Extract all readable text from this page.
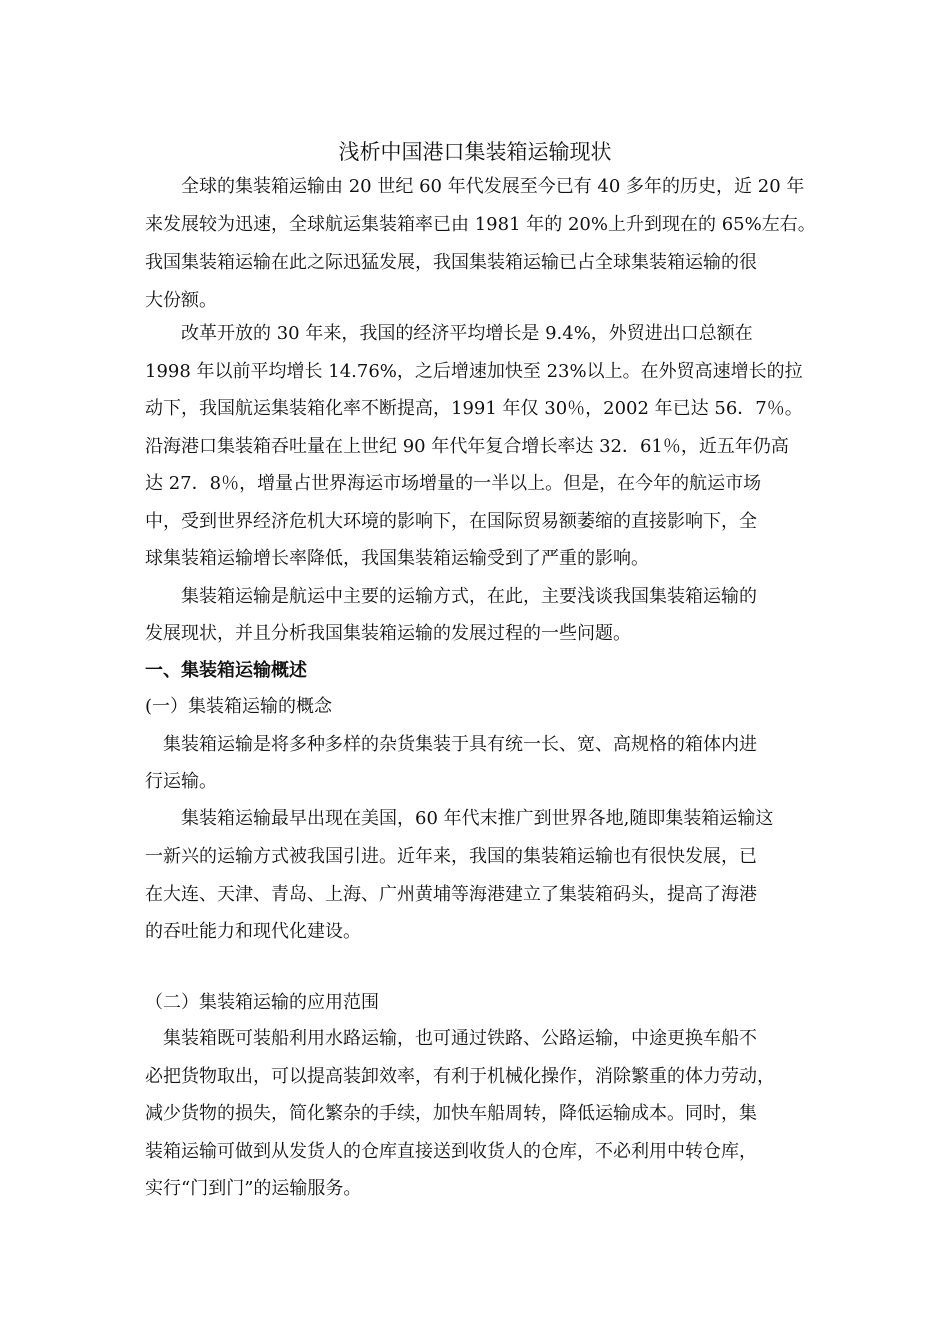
浅析中国港口集装箱运输现状
全球的集装箱运输由 20 世纪 60 年代发展至今已有 40 多年的历史，近 20 年
来发展较为迅速，全球航运集装箱率已由 1981 年的 20%上升到现在的 65%左右。
我国集装箱运输在此之际迅猛发展，我国集装箱运输已占全球集装箱运输的很
大份额。
改革开放的 30 年来，我国的经济平均增长是 9.4%，外贸进出口总额在
1998 年以前平均增长 14.76%，之后增速加快至 23%以上。在外贸高速增长的拉
动下，我国航运集装箱化率不断提高，1991 年仅 30％，2002 年已达 56．7％。
沿海港口集装箱吞吐量在上世纪 90 年代年复合增长率达 32．61％，近五年仍高
达 27．8％，增量占世界海运市场增量的一半以上。但是，在今年的航运市场
中，受到世界经济危机大环境的影响下，在国际贸易额萎缩的直接影响下，全
球集装箱运输增长率降低，我国集装箱运输受到了严重的影响。
集装箱运输是航运中主要的运输方式，在此，主要浅谈我国集装箱运输的
发展现状，并且分析我国集装箱运输的发展过程的一些问题。
一、集装箱运输概述
(一）集装箱运输的概念
集装箱运输是将多种多样的杂货集装于具有统一长、宽、高规格的箱体内进
行运输。
集装箱运输最早出现在美国，60 年代末推广到世界各地,随即集装箱运输这
一新兴的运输方式被我国引进。近年来，我国的集装箱运输也有很快发展，已
在大连、天津、青岛、上海、广州黄埔等海港建立了集装箱码头，提高了海港
的吞吐能力和现代化建设。
（二）集装箱运输的应用范围
集装箱既可装船利用水路运输，也可通过铁路、公路运输，中途更换车船不
必把货物取出，可以提高装卸效率，有利于机械化操作，消除繁重的体力劳动，
减少货物的损失，简化繁杂的手续，加快车船周转，降低运输成本。同时，集
装箱运输可做到从发货人的仓库直接送到收货人的仓库，不必利用中转仓库，
实行“门到门”的运输服务。
